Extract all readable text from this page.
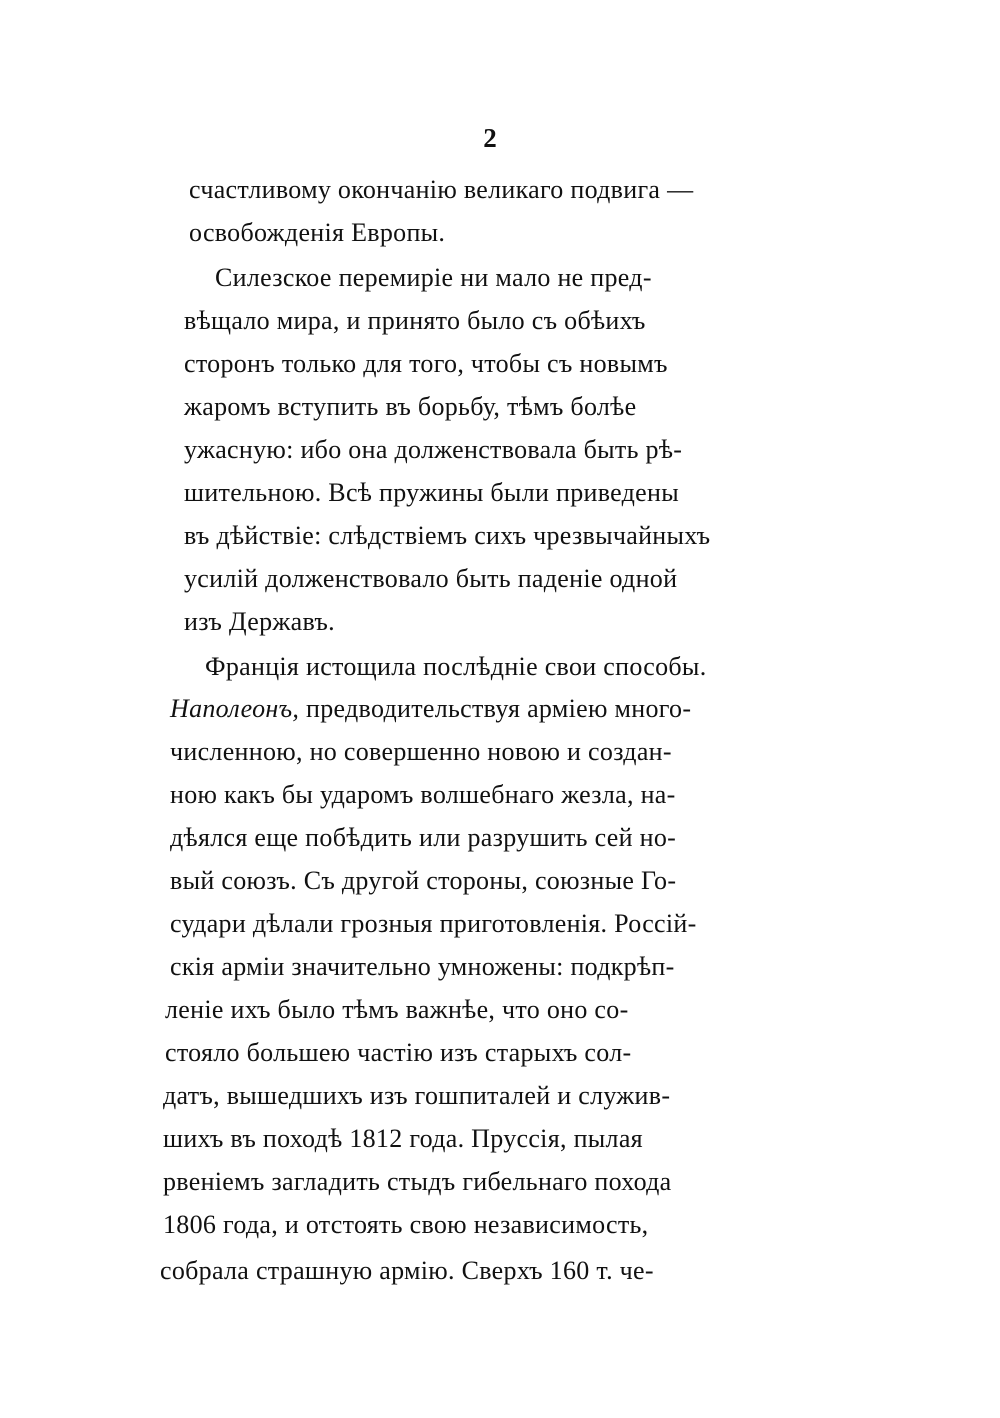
2
счастливому окончанію великаго подвига —
освобожденія Европы.
Силезское перемиріе ни мало не пред-
вѣщало мира, и принято было съ обѣихъ
сторонъ только для того, чтобы съ новымъ
жаромъ вступить въ борьбу, тѣмъ болѣе
ужасную: ибо она долженствовала быть рѣ-
шительною. Всѣ пружины были приведены
въ дѣйствіе: слѣдствіемъ сихъ чрезвычайныхъ
усилій долженствовало быть паденіе одной
изъ Державъ.
Франція истощила послѣдніе свои способы.
Наполеонъ, предводительствуя арміею много-
численною, но совершенно новою и создан-
ною какъ бы ударомъ волшебнаго жезла, на-
дѣялся еще побѣдить или разрушить сей но-
вый союзъ. Съ другой стороны, союзные Го-
судари дѣлали грозныя приготовленія. Россій-
скія арміи значительно умножены: подкрѣп-
леніе ихъ было тѣмъ важнѣе, что оно со-
стояло большею частію изъ старыхъ сол-
датъ, вышедшихъ изъ гошпиталей и служив-
шихъ въ походѣ 1812 года. Пруссія, пылая
рвеніемъ загладить стыдъ гибельнаго похода
1806 года, и отстоять свою независимость,
собрала страшную армію. Сверхъ 160 т. че-
